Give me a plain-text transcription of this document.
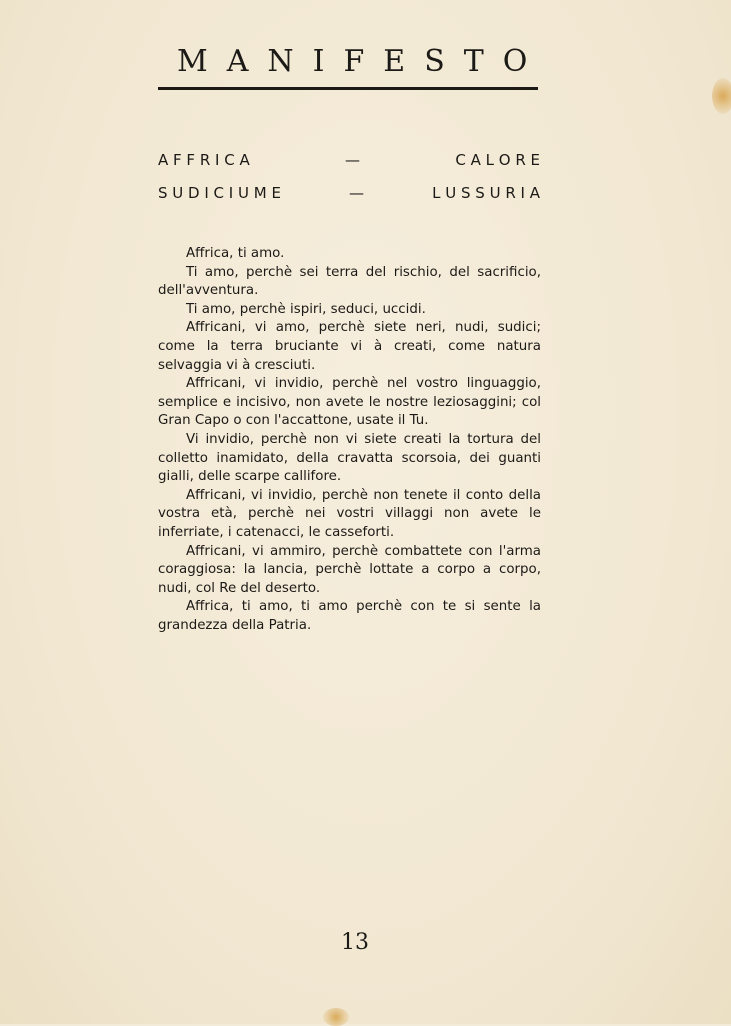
MANIFESTO
A F F R I C A	—	C A L O R E
S U D I C I U M E	—	L U S S U R I A

Affrica, ti amo.

Ti amo, perchè sei terra del rischio, del sacrificio, dell'avventura.

Ti amo, perchè ispiri, seduci, uccidi.

Affricani, vi amo, perchè siete neri, nudi, sudici; come la terra bruciante vi à creati, come natura selvaggia vi à cresciuti.

Affricani, vi invidio, perchè nel vostro linguaggio, semplice e incisivo, non avete le nostre leziosaggini; col Gran Capo o con l'accattone, usate il Tu.

Vi invidio, perchè non vi siete creati la tortura del colletto inamidato, della cravatta scorsoia, dei guanti gialli, delle scarpe callifore.

Affricani, vi invidio, perchè non tenete il conto della vostra età, perchè nei vostri villaggi non avete le inferriate, i catenacci, le casseforti.

Affricani, vi ammiro, perchè combattete con l'arma coraggiosa: la lancia, perchè lottate a corpo a corpo, nudi, col Re del deserto.

Affrica, ti amo, ti amo perchè con te si sente la grandezza della Patria.

13
